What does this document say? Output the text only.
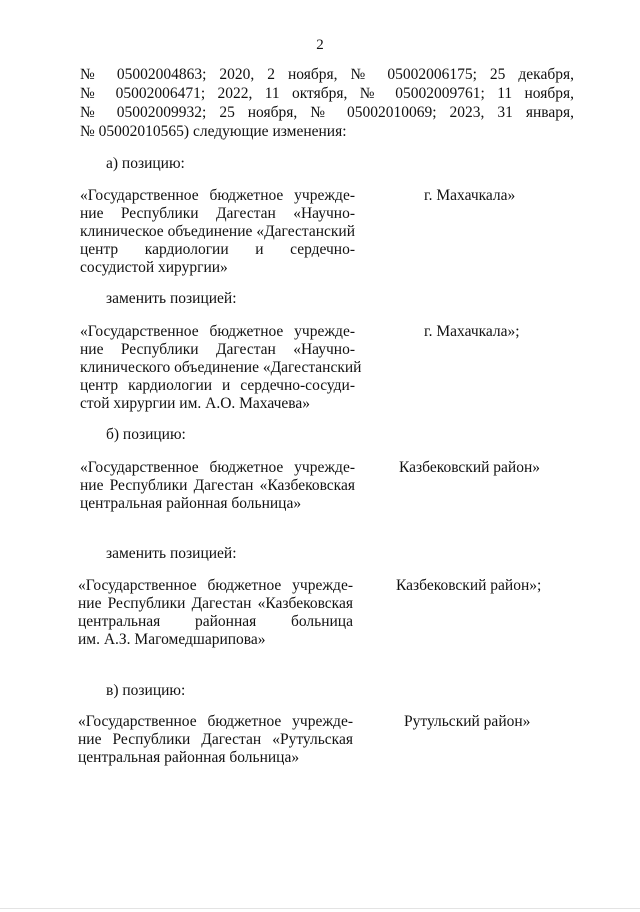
2
№ 05002004863; 2020, 2 ноября, № 05002006175; 25 декабря,
№ 05002006471; 2022, 11 октября, № 05002009761; 11 ноября,
№ 05002009932; 25 ноября, № 05002010069; 2023, 31 января,
№ 05002010565) следующие изменения:
а) позицию:
«Государственное бюджетное учрежде-
ние Республики Дагестан «Научно-
клиническое объединение «Дагестанский
центр кардиологии и сердечно-
сосудистой хирургии»
г. Махачкала»
заменить позицией:
«Государственное бюджетное учрежде-
ние Республики Дагестан «Научно-
клинического объединение «Дагестанский
центр кардиологии и сердечно-сосуди-
стой хирургии им. А.О. Махачева»
г. Махачкала»;
б) позицию:
«Государственное бюджетное учрежде-
ние Республики Дагестан «Казбековская
центральная районная больница»
Казбековский район»
заменить позицией:
«Государственное бюджетное учрежде-
ние Республики Дагестан «Казбековская
центральная районная больница
им. А.З. Магомедшарипова»
Казбековский район»;
в) позицию:
«Государственное бюджетное учрежде-
ние Республики Дагестан «Рутульская
центральная районная больница»
Рутульский район»
